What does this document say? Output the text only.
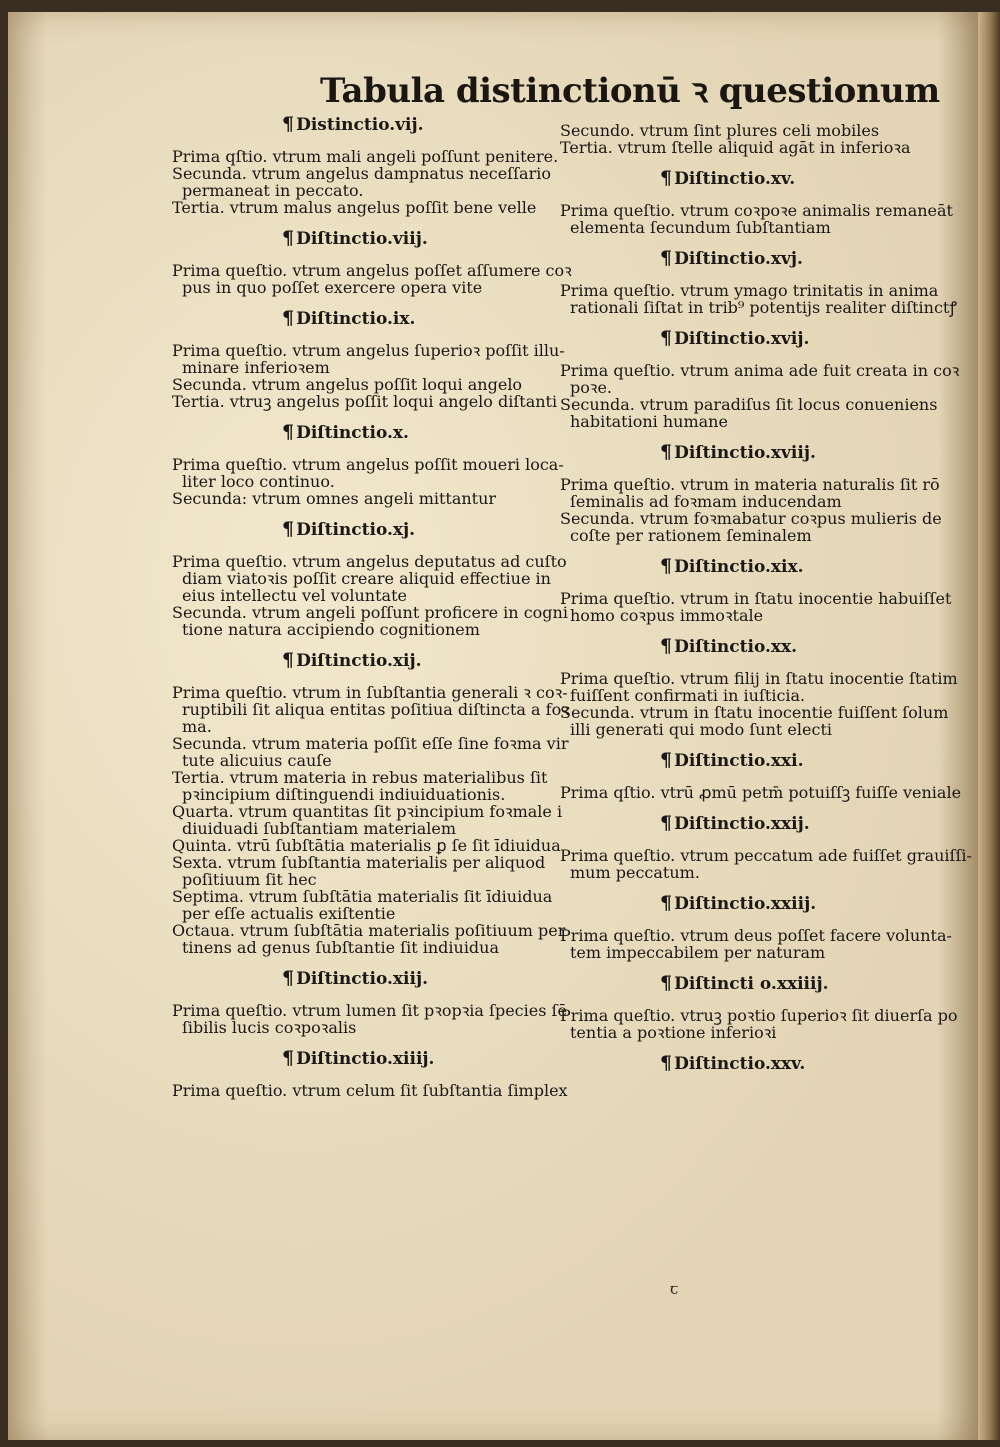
Tabula distinctionū ꝛ questionum

¶ Distinctio.vij.

Prima qſtio. vtrum mali angeli poſſunt penitere.

Secunda. vtrum angelus dampnatus neceſſario

permaneat in peccato.

Tertia. vtrum malus angelus poſſit bene velle

¶ Diſtinctio.viij.

Prima queſtio. vtrum angelus poſſet aſſumere coꝛ

pus in quo poſſet exercere opera vite

¶ Diſtinctio.ix.

Prima queſtio. vtrum angelus ſuperioꝛ poſſit illu-

minare inferioꝛem

Secunda. vtrum angelus poſſit loqui angelo

Tertia. vtruꝫ angelus poſſit loqui angelo diſtanti

¶ Diſtinctio.x.

Prima queſtio. vtrum angelus poſſit moueri loca-

liter loco continuo.

Secunda: vtrum omnes angeli mittantur

¶ Diſtinctio.xj.

Prima queſtio. vtrum angelus deputatus ad cuſto

diam viatoꝛis poſſit creare aliquid effectiue in

eius intellectu vel voluntate

Secunda. vtrum angeli poſſunt proficere in cogni

tione natura accipiendo cognitionem

¶ Diſtinctio.xij.

Prima queſtio. vtrum in ſubſtantia generali ꝛ coꝛ-

ruptibili ſit aliqua entitas poſitiua diſtincta a foꝛ

ma.

Secunda. vtrum materia poſſit eſſe ſine foꝛma vir

tute alicuius cauſe

Tertia. vtrum materia in rebus materialibus ſit

pꝛincipium diſtinguendi indiuiduationis.

Quarta. vtrum quantitas ſit pꝛincipium foꝛmale i

diuiduadi ſubſtantiam materialem

Quinta. vtrū ſubſtātia materialis ꝑ ſe ſit īdiuidua

Sexta. vtrum ſubſtantia materialis per aliquod

poſitiuum ſit hec

Septima. vtrum ſubſtātia materialis ſit īdiuidua

per eſſe actualis exiſtentie

Octaua. vtrum ſubſtātia materialis poſitiuum per

tinens ad genus ſubſtantie ſit indiuidua

¶ Diſtinctio.xiij.

Prima queſtio. vtrum lumen ſit pꝛopꝛia ſpecies ſē

ſibilis lucis coꝛpoꝛalis

¶ Diſtinctio.xiiij.

Prima queſtio. vtrum celum ſit ſubſtantia ſimplex

Secundo. vtrum ſint plures celi mobiles

Tertia. vtrum ſtelle aliquid agāt in inferioꝛa

¶ Diſtinctio.xv.

Prima queſtio. vtrum coꝛpoꝛe animalis remaneāt

elementa ſecundum ſubſtantiam

¶ Diſtinctio.xvj.

Prima queſtio. vtrum ymago trinitatis in anima

rationali ſiſtat in trib⁹ potentijs realiter diſtinctꝭ

¶ Diſtinctio.xvij.

Prima queſtio. vtrum anima ade fuit creata in coꝛ

poꝛe.

Secunda. vtrum paradiſus ſit locus conueniens

habitationi humane

¶ Diſtinctio.xviij.

Prima queſtio. vtrum in materia naturalis ſit rō

ſeminalis ad foꝛmam inducendam

Secunda. vtrum foꝛmabatur coꝛpus mulieris de

coſte per rationem ſeminalem

¶ Diſtinctio.xix.

Prima queſtio. vtrum in ſtatu inocentie habuiſſet

homo coꝛpus immoꝛtale

¶ Diſtinctio.xx.

Prima queſtio. vtrum filij in ſtatu inocentie ſtatim

fuiſſent confirmati in iuſticia.

Secunda. vtrum in ſtatu inocentie fuiſſent ſolum

illi generati qui modo ſunt electi

¶ Diſtinctio.xxi.

Prima qſtio. vtrū ꝓmū petm̄ potuiſſꝫ fuiſſe veniale

¶ Diſtinctio.xxij.

Prima queſtio. vtrum peccatum ade fuiſſet grauiſſi-

mum peccatum.

¶ Diſtinctio.xxiij.

Prima queſtio. vtrum deus poſſet facere volunta-

tem impeccabilem per naturam

¶ Diſtincti o.xxiiij.

Prima queſtio. vtruꝫ poꝛtio ſuperioꝛ ſit diuerſa po

tentia a poꝛtione inferioꝛi

¶ Diſtinctio.xxv.

ꞇ
